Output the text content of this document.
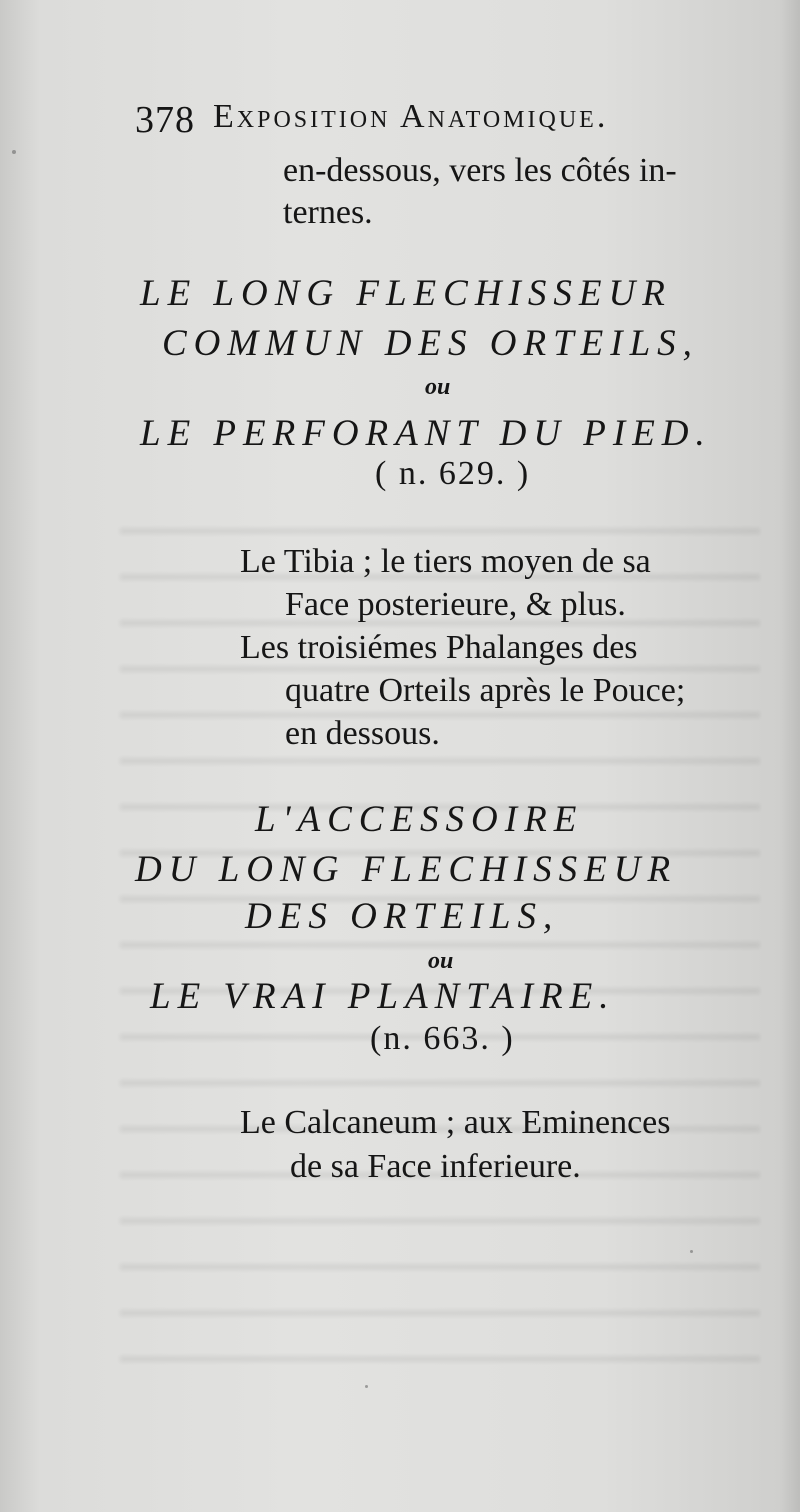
378 Exposition Anatomique.
en-dessous, vers les côtés in-
ternes.
LE LONG FLECHISSEUR
COMMUN DES ORTEILS,
ou
LE PERFORANT DU PIED.
( n. 629. )
Le Tibia ; le tiers moyen de sa
Face posterieure, & plus.
Les troisiémes Phalanges des
quatre Orteils après le Pouce;
en dessous.
L'ACCESSOIRE
DU LONG FLECHISSEUR
DES ORTEILS,
ou
LE VRAI PLANTAIRE.
(n. 663. )
Le Calcaneum ; aux Eminences
de sa Face inferieure.
